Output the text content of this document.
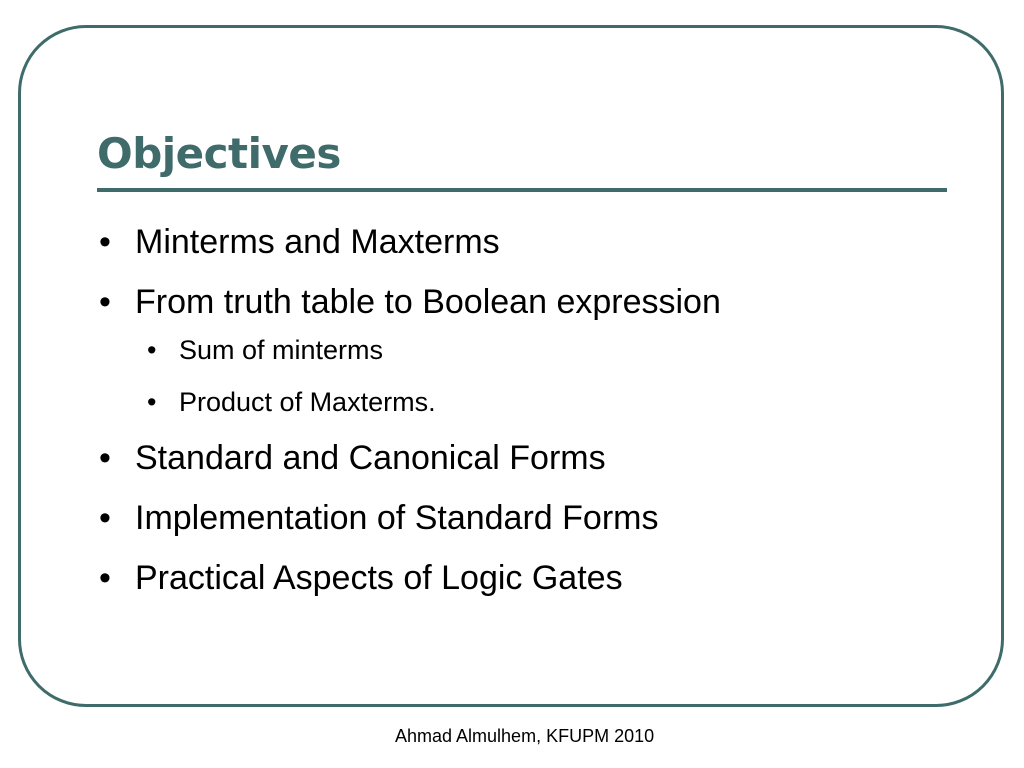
Objectives
• Minterms and Maxterms
• From truth table to Boolean expression
• Sum of minterms
• Product of Maxterms.
• Standard and Canonical Forms
• Implementation of Standard Forms
• Practical Aspects of Logic Gates
Ahmad Almulhem, KFUPM 2010
